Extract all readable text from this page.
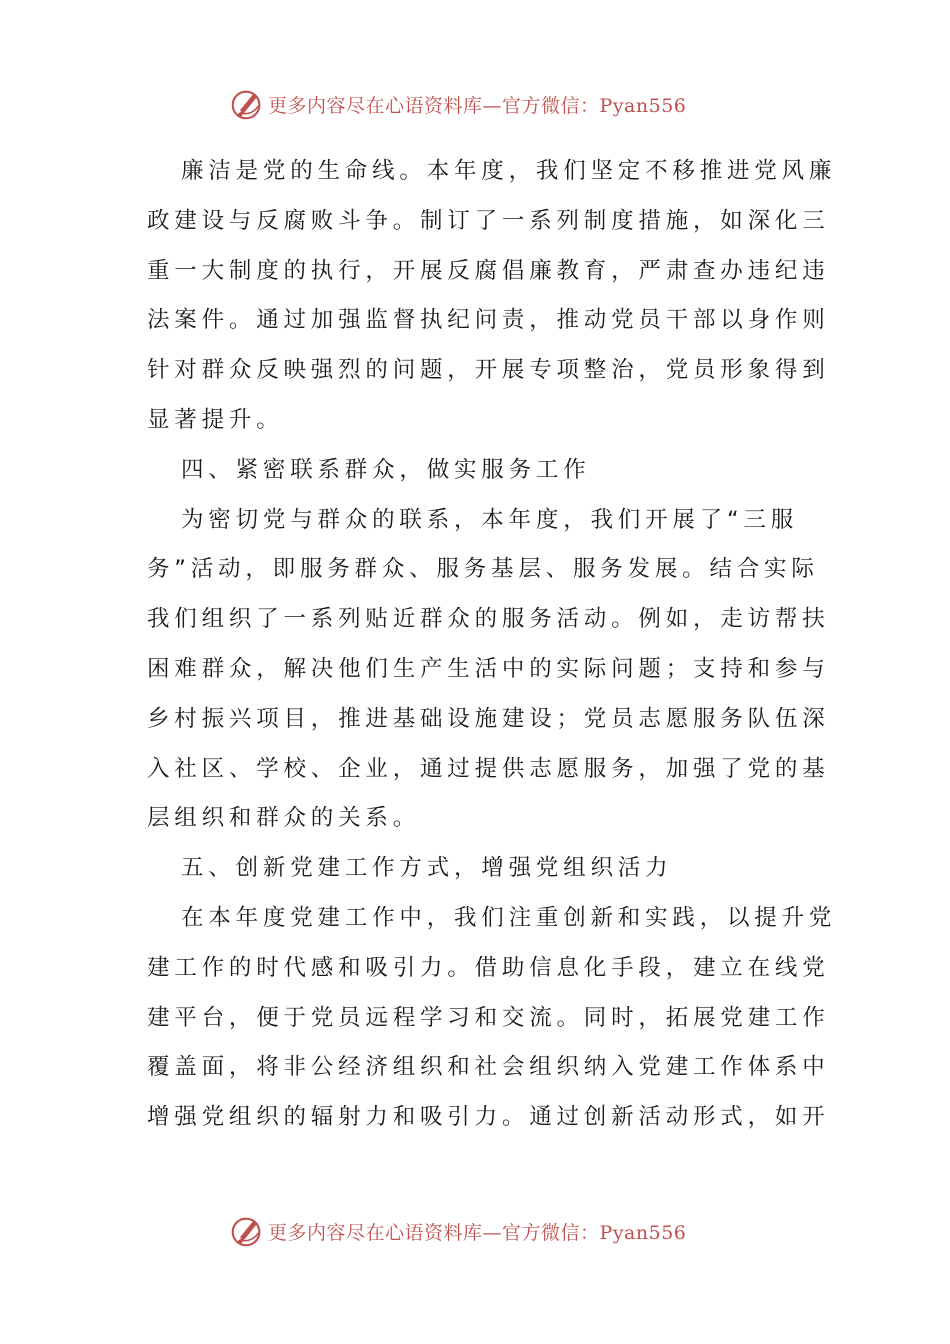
更多内容尽在心语资料库—官方微信：Pyan556
廉洁是党的生命线。本年度，我们坚定不移推进党风廉
政建设与反腐败斗争。制订了一系列制度措施，如深化三
重一大制度的执行，开展反腐倡廉教育，严肃查办违纪违
法案件。通过加强监督执纪问责，推动党员干部以身作则
针对群众反映强烈的问题，开展专项整治，党员形象得到
显著提升。
四、紧密联系群众，做实服务工作
为密切党与群众的联系，本年度，我们开展了“三服
务”活动，即服务群众、服务基层、服务发展。结合实际
我们组织了一系列贴近群众的服务活动。例如，走访帮扶
困难群众，解决他们生产生活中的实际问题；支持和参与
乡村振兴项目，推进基础设施建设；党员志愿服务队伍深
入社区、学校、企业，通过提供志愿服务，加强了党的基
层组织和群众的关系。
五、创新党建工作方式，增强党组织活力
在本年度党建工作中，我们注重创新和实践，以提升党
建工作的时代感和吸引力。借助信息化手段，建立在线党
建平台，便于党员远程学习和交流。同时，拓展党建工作
覆盖面，将非公经济组织和社会组织纳入党建工作体系中
增强党组织的辐射力和吸引力。通过创新活动形式，如开
更多内容尽在心语资料库—官方微信：Pyan556
